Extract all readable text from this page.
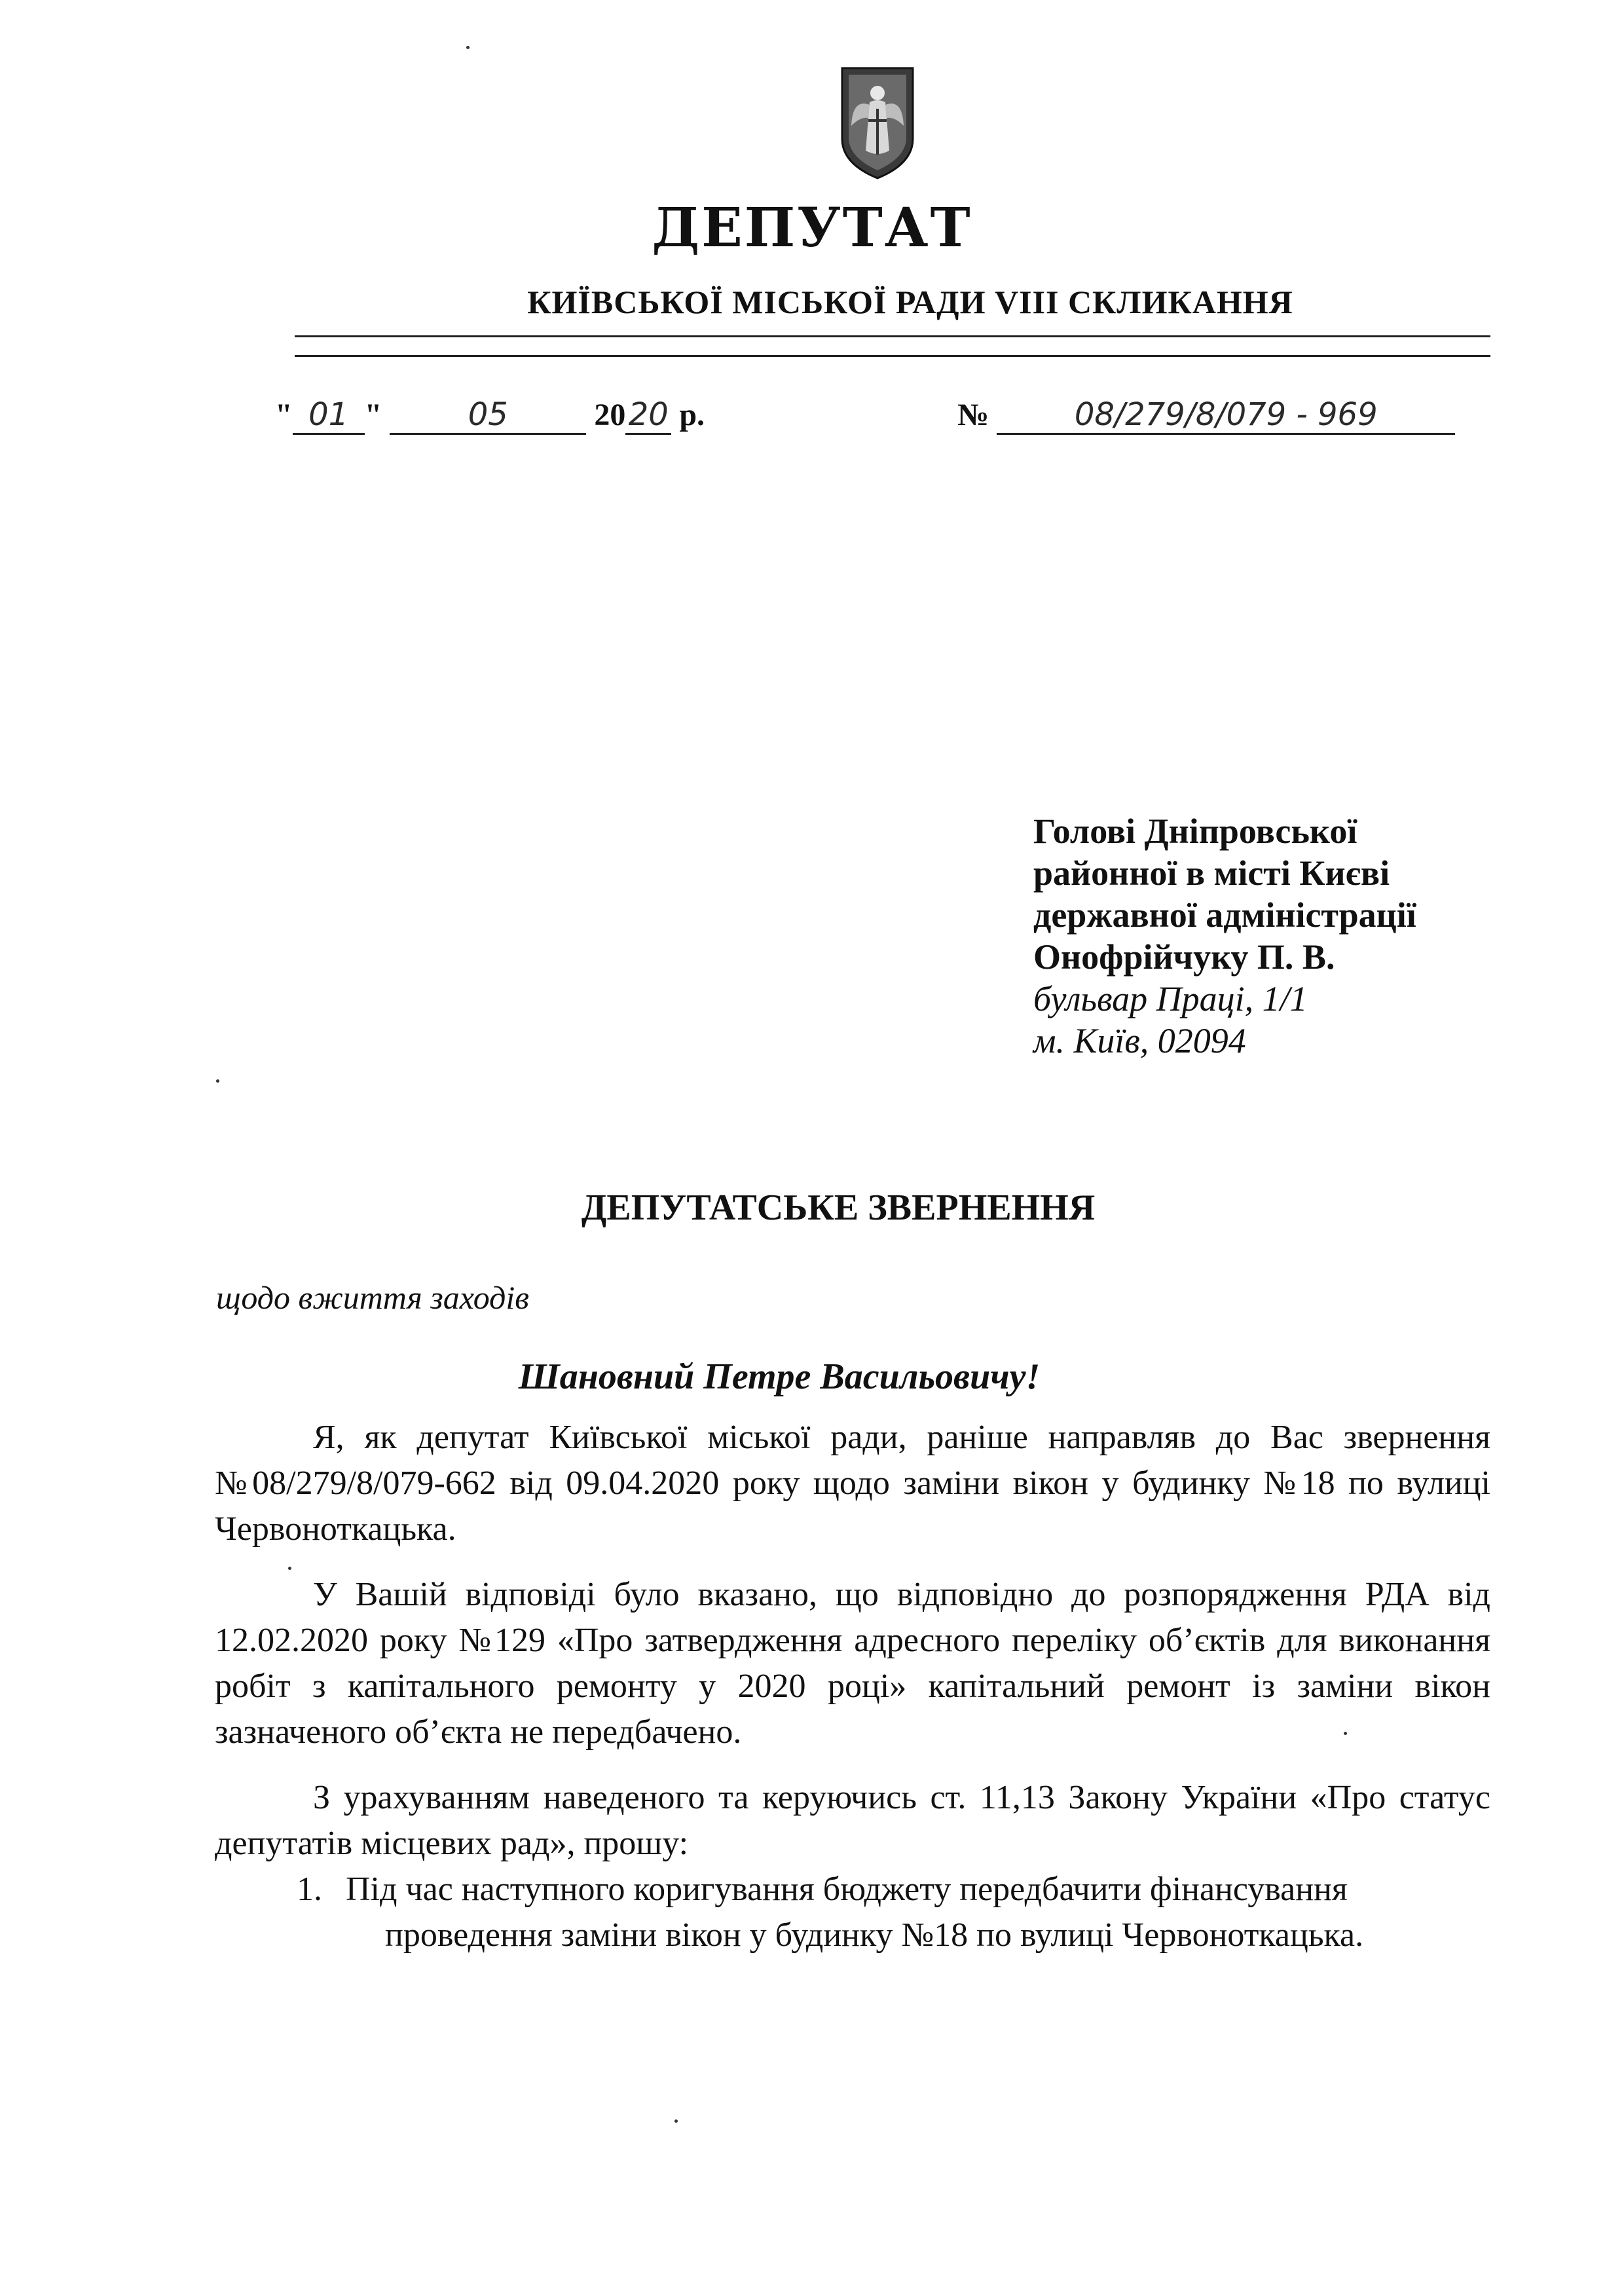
ДЕПУТАТ
КИЇВСЬКОЇ МІСЬКОЇ РАДИ VIII СКЛИКАННЯ
" 01 "	05	2020 р.	№	08/279/8/079 - 969
Голові Дніпровської
районної в місті Києві
державної адміністрації
Онофрійчуку П. В.
бульвар Праці, 1/1
м. Київ, 02094
ДЕПУТАТСЬКЕ ЗВЕРНЕННЯ
щодо вжиття заходів
Шановний Петре Васильовичу!
Я, як депутат Київської міської ради, раніше направляв до Вас звернення №08/279/8/079-662 від 09.04.2020 року щодо заміни вікон у будинку №18 по вулиці Червоноткацька.
У Вашій відповіді було вказано, що відповідно до розпорядження РДА від 12.02.2020 року №129 «Про затвердження адресного переліку об’єктів для виконання робіт з капітального ремонту у 2020 році» капітальний ремонт із заміни вікон зазначеного об’єкта не передбачено.
З урахуванням наведеного та керуючись ст. 11,13 Закону України «Про статус депутатів місцевих рад», прошу:
1. Під час наступного коригування бюджету передбачити фінансування
проведення заміни вікон у будинку №18 по вулиці Червоноткацька.
